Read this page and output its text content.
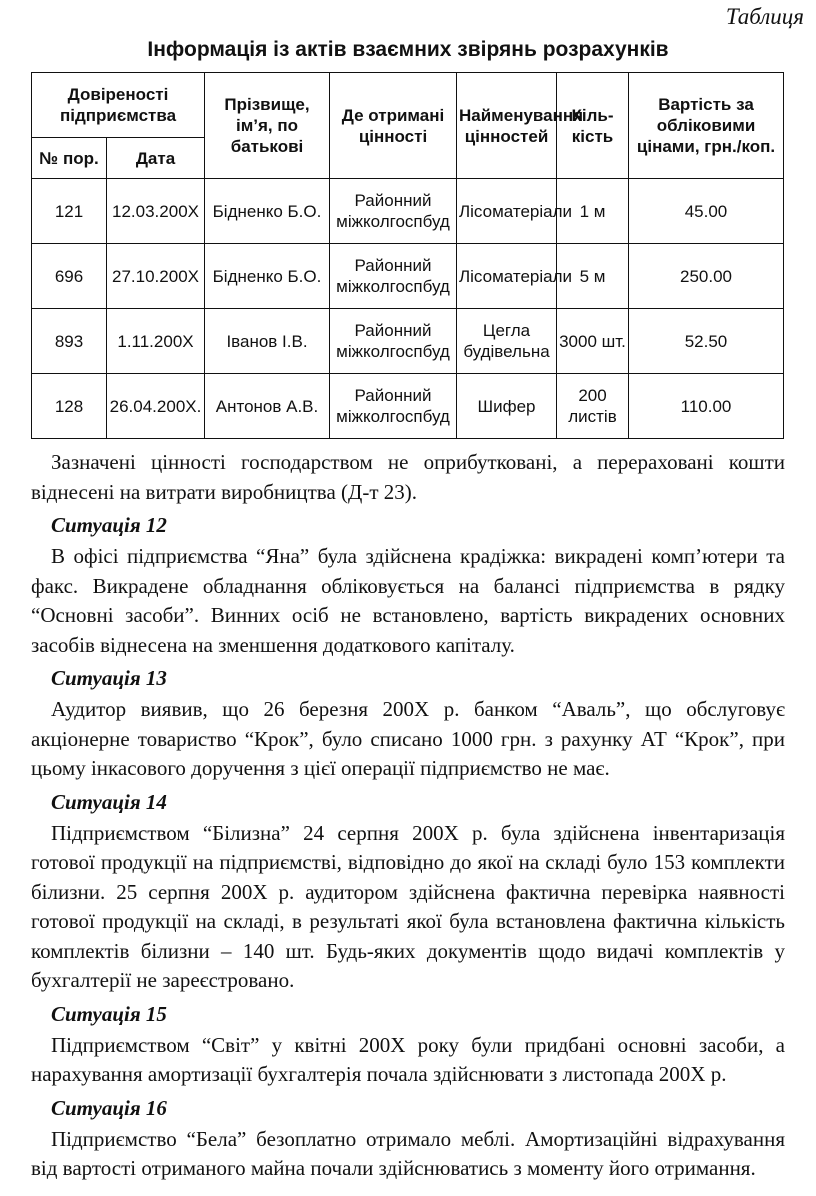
Таблиця
Інформація із актів взаємних звірянь розрахунків
Довіреності підприємства		Прізвище, ім’я, по батькові	Де отримані цінності	Найменування цінностей	Кіль-кість	Вартість за обліковими цінами, грн./коп.
№ пор.	Дата					
121	12.03.200Х	Бідненко Б.О.	Районний міжколгоспбуд	Лісоматеріали	1 м	45.00
696	27.10.200Х	Бідненко Б.О.	Районний міжколгоспбуд	Лісоматеріали	5 м	250.00
893	1.11.200Х	Іванов І.В.	Районний міжколгоспбуд	Цегла будівельна	3000 шт.	52.50
128	26.04.200Х.	Антонов А.В.	Районний міжколгоспбуд	Шифер	200 листів	110.00

Зазначені цінності господарством не оприбутковані, а перераховані кошти віднесені на витрати виробництва (Д-т 23).

Ситуація 12

В офісі підприємства “Яна” була здійснена крадіжка: викрадені комп’ютери та факс. Викрадене обладнання обліковується на балансі підприємства в рядку “Основні засоби”. Винних осіб не встановлено, вартість викрадених основних засобів віднесена на зменшення додаткового капіталу.

Ситуація 13

Аудитор виявив, що 26 березня 200Х р. банком “Аваль”, що обслуговує акціонерне товариство “Крок”, було списано 1000 грн. з рахунку АТ “Крок”, при цьому інкасового доручення з цієї операції підприємство не має.

Ситуація 14

Підприємством “Білизна” 24 серпня 200Х р. була здійснена інвентаризація готової продукції на підприємстві, відповідно до якої на складі було 153 комплекти білизни. 25 серпня 200Х р. аудитором здійснена фактична перевірка наявності готової продукції на складі, в результаті якої була встановлена фактична кількість комплектів білизни – 140 шт. Будь-яких документів щодо видачі комплектів у бухгалтерії не зареєстровано.

Ситуація 15

Підприємством “Світ” у квітні 200Х року були придбані основні засоби, а нарахування амортизації бухгалтерія почала здійснювати з листопада 200Х р.

Ситуація 16

Підприємство “Бела” безоплатно отримало меблі. Амортизаційні відрахування від вартості отриманого майна почали здійснюватись з моменту його отримання.
